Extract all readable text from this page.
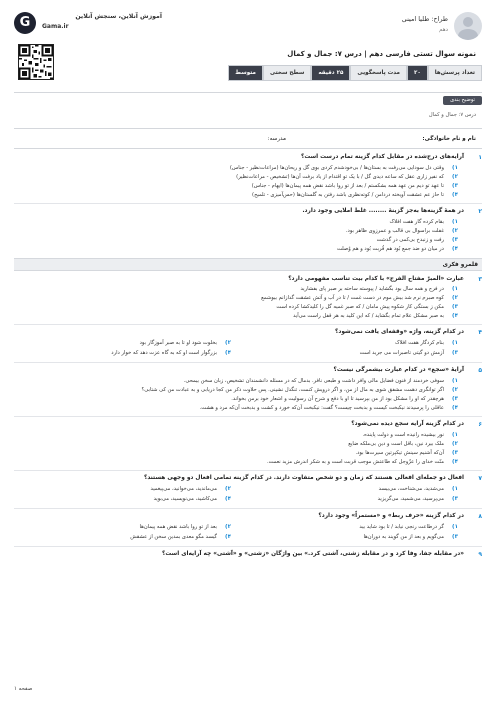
G	آموزش آنلاین، سنجش آنلاین
Gama.ir
طراح: طلیا امینی
دهم
نمونه سوال تستی فارسی دهم | درس ۷: جمال و کمال
تعداد پرسش‌ها
۲۰
مدت پاسخگویی
۲۵ دقیقه
سطح سختی
متوسط
توضیح بندی
درس ۷: جمال و کمال
نام و نام خانوادگی:
مدرسه:
۱
آرایه‌های درج‌شده در مقابل کدام گزینه تمام درست است؟
۱)
وقتی دل سودایی می‌رفت به بستان‌ها / بی‌خودشدم کردی بوی گل و ریحان‌ها (مراعات‌نظیر - جناس)
۲)
که نفیر زاری عقل که ساعه دیدی گل / با یک تو اقتدام از یاد برفت آن‌ها (تشخیص - مراعات‌نظیر)
۳)
تا عهد تو دیم من عهد همه بشکستم / بعد از تو روا باشد نقض همه پیمان‌ها (ایهام - جناس)
۴)
تا حاز عم عشقت آویخته دردامن / کوته‌نظری باشد رفتن به گلستان‌ها (حس‌آمیزی - تلمیح)
۲
در همهٔ گزینه‌ها به‌جز گزینهٔ ........ غلط املایی وجود دارد.
۱)
بقام کرده گار هفت افلاک
۲)
غفلت براسوال بی قالب و عمرزوی ظاهر بود.
۳)
رفت و زنبدخ بی‌کمی در گذشت
۴)
در میان دو ضد جمع بُود هم قُربت بُود و هم وُصلت
قلمرو فکری
۳
عبارت «المبرّ مفتاح الفرج» با کدام بیت تناسب مفهومی دارد؟
۱)
در فرج و همه سال بود بگشاید / پیوسته ساحته بر صبر پای بفشارید
۲)
کوه صبرم نرم شد بیش موم در دست غمت / تا در آب و آتش عشقت گدازانم بیوشمع
۳)
مکن ز بستگی کار شکوه پیش مامان / که صبر غمیه گل را کلیدکشا کرده است
۴)
به صبر مشکل علام تمام بگشاید / که این کلید به هر قفل راست می‌آید
۴
در کدام گزینه، واژه «وقفه‌ای یافت نمی‌شود؟
۱)
بنام کردگار هفت افلاک
۲)
بخلوت شود او تا به صبر آموزگار بود
۳)
آزمش دو گیتی تاصبرات می جرید است
۴)
بزرگوار است او که به گاه عزت دهد که خوار دارد
۵
آرایهٔ «سجع» در کدام عبارت بیشمرگی نیست؟
۱)
سوفی خردمند از فنون فضایل مالی وافر داشت و طبعی نافر. بدمال که در مسئله دانشمندان تشخیص، زبان سخن بیمحی.
۲)
اگر توانگری دهمت مشفق شوی به مال از من، و اگر درویش کنمت، تنگدل نشینی. پس حلاوت ذکر من کجا دریابی و به عبادت من کی شتابی؟
۳)
هرچقدر که او را مشکل بود از من بپرسید تا او با دفع و شرح آن رسولیت و اشعار خود برمن بخواند.
۴)
عاقلی را پرسیدند نیکبخت کیست و بدبخت چیست؟ گفت: نیکبخت آن‌که خورد و کشت و بدبخت آن‌که مرد و هشت.
۶
در کدام گزینه آرایه سجع دیده نمی‌شود؟
۱)
نور بیشیده رانیده است و دولت پاینده.
۲)
ملک بیرد نین، باقل است و دین بی‌ملکه ضایع
۳)
آن‌که آشنیم سینش تیکپرتین سیرت‌ها بود.
۴)
منّت خدای را عزّوجل که طاعتش موجب قربت است و به شکر اندرش مزید نعمت.
۷
افعال دو جمله‌ای افعالی هستند که زمان و دو شخص متفاوت دارند. در کدام گزینه تمامی افعال دو وجهی هستند؟
۱)
می‌شدید، می‌شناخت، می‌بیسد
۲)
می‌ماندید، می‌خوانید، می‌پیغمید
۳)
می‌پرسید، می‌شمید، می‌گریزید
۴)
می‌کاشید، می‌نویسید، می‌بوید
۸
در کدام گزینه «حرف ربط» و «مستمراً» وجود دارد؟
۱)
گر درطاعت رنجی نیابد / تا بود شاید بید
۲)
بعد از تو روا باشد نقض همه پیمان‌ها
۳)
می‌گویم و بعد از من گویند به دوران‌ها
۴)
گیسد مگو معدی بمدین سخن از عشقش
۹
«در مقابله جفا، وفا کرد و در مقابله زشتی، آشتی کرد.» بین واژگان «زشتی» و «آشتی» چه آرایه‌ای است؟
صفحه ۱
